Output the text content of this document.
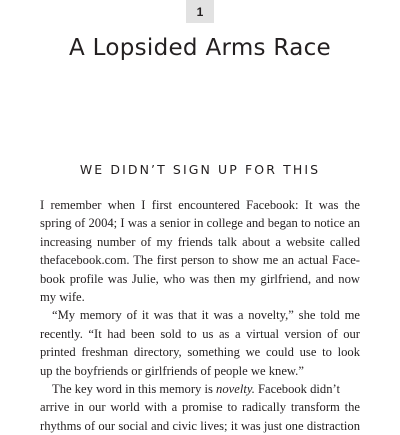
1
A Lopsided Arms Race
WE DIDN’T SIGN UP FOR THIS
I remember when I first encountered Facebook: It was the
spring of 2004; I was a senior in college and began to notice an
increasing number of my friends talk about a website called
thefacebook.com. The first person to show me an actual Face-
book profile was Julie, who was then my girlfriend, and now
my wife.
“My memory of it was that it was a novelty,” she told me
recently. “It had been sold to us as a virtual version of our
printed freshman directory, something we could use to look
up the boyfriends or girlfriends of people we knew.”
The key word in this memory is novelty. Facebook didn’t
arrive in our world with a promise to radically transform the
rhythms of our social and civic lives; it was just one distraction
